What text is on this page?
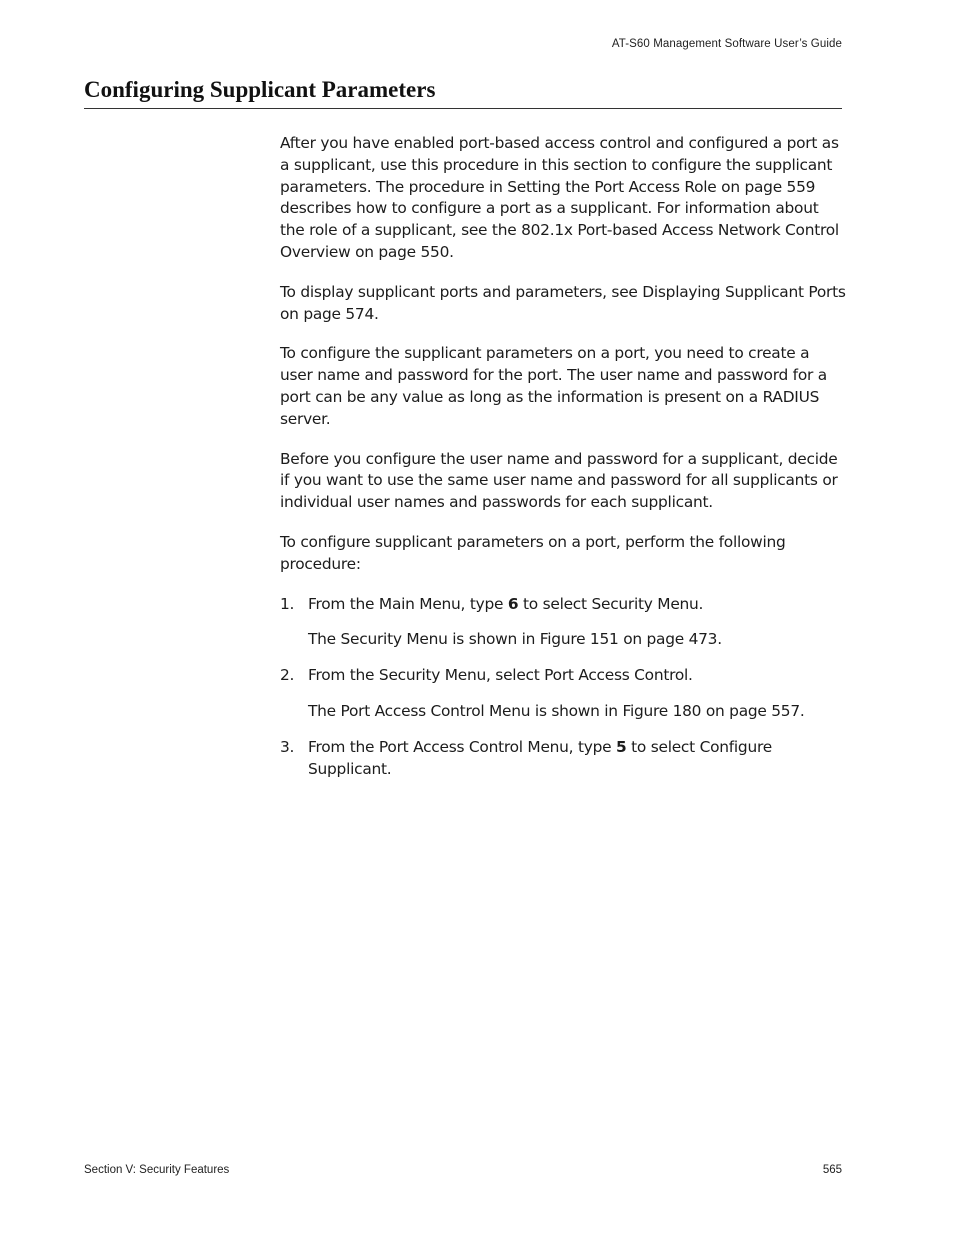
AT-S60 Management Software User’s Guide
Configuring Supplicant Parameters

After you have enabled port-based access control and configured a port as a supplicant, use this procedure in this section to configure the supplicant parameters. The procedure in Setting the Port Access Role on page 559 describes how to configure a port as a supplicant. For information about the role of a supplicant, see the 802.1x Port-based Access Network Control Overview on page 550.

To display supplicant ports and parameters, see Displaying Supplicant Ports on page 574.

To configure the supplicant parameters on a port, you need to create a user name and password for the port. The user name and password for a port can be any value as long as the information is present on a RADIUS server.

Before you configure the user name and password for a supplicant, decide if you want to use the same user name and password for all supplicants or individual user names and passwords for each supplicant.

To configure supplicant parameters on a port, perform the following procedure:

1. From the Main Menu, type 6 to select Security Menu.
The Security Menu is shown in Figure 151 on page 473.
2. From the Security Menu, select Port Access Control.
The Port Access Control Menu is shown in Figure 180 on page 557.
3. From the Port Access Control Menu, type 5 to select Configure Supplicant.
Section V: Security Features	565
